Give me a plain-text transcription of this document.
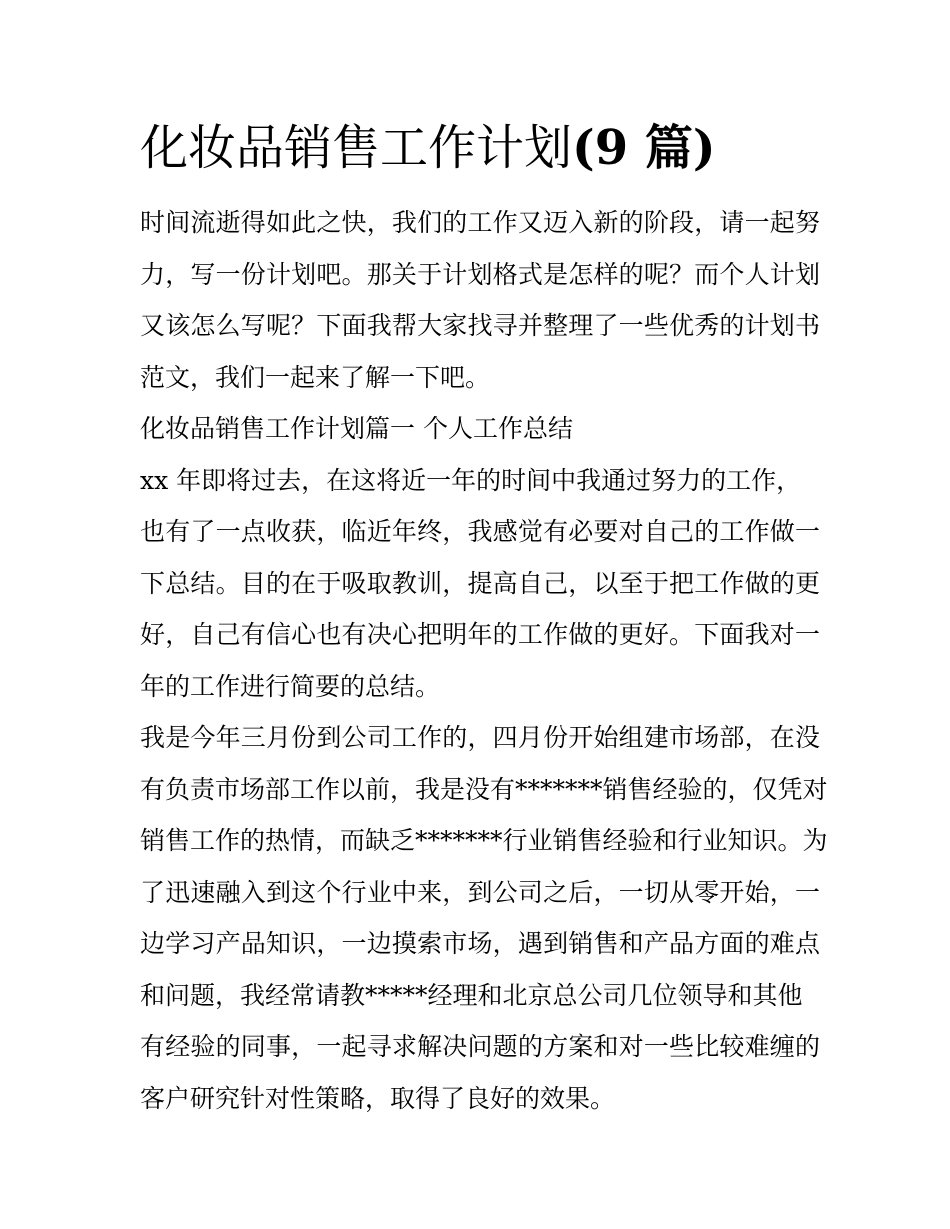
化妆品销售工作计划(9 篇)
时间流逝得如此之快，我们的工作又迈入新的阶段，请一起努
力，写一份计划吧。那关于计划格式是怎样的呢？而个人计划
又该怎么写呢？下面我帮大家找寻并整理了一些优秀的计划书
范文，我们一起来了解一下吧。
化妆品销售工作计划篇一 个人工作总结
xx 年即将过去，在这将近一年的时间中我通过努力的工作，
也有了一点收获，临近年终，我感觉有必要对自己的工作做一
下总结。目的在于吸取教训，提高自己，以至于把工作做的更
好，自己有信心也有决心把明年的工作做的更好。下面我对一
年的工作进行简要的总结。
我是今年三月份到公司工作的，四月份开始组建市场部，在没
有负责市场部工作以前，我是没有*******销售经验的，仅凭对
销售工作的热情，而缺乏*******行业销售经验和行业知识。为
了迅速融入到这个行业中来，到公司之后，一切从零开始，一
边学习产品知识，一边摸索市场，遇到销售和产品方面的难点
和问题，我经常请教*****经理和北京总公司几位领导和其他
有经验的同事，一起寻求解决问题的方案和对一些比较难缠的
客户研究针对性策略，取得了良好的效果。
